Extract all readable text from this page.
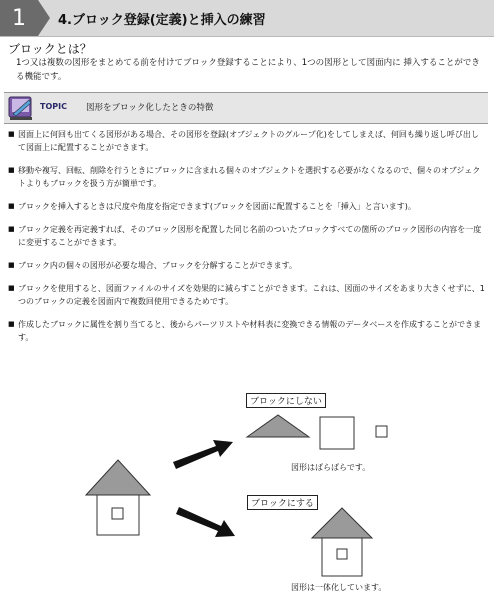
1	4.ブロック登録(定義)と挿入の練習
ブロックとは？
1つ又は複数の図形をまとめてる前を付けてブロック登録することにより、1つの図形として図面内に 挿入することができる機能です。
TOPIC 図形をブロック化したときの特徴
■ 図面上に何回も出てくる図形がある場合、その図形を登録(オブジェクトのグループ化)をしてしまえば、何回も繰り返し呼び出して図面上に配置することができます。
■ 移動や複写、回転、削除を行うときにブロックに含まれる個々のオブジェクトを選択する必要がなくなるので、個々のオブジェクトよりもブロックを扱う方が簡単です。
■ ブロックを挿入するときは尺度や角度を指定できます(ブロックを図面に配置することを「挿入」と言います)。
■ ブロック定義を再定義すれば、そのブロック図形を配置した同じ名前のついたブロックすべての箇所のブロック図形の内容を一度に変更することができます。
■ ブロック内の個々の図形が必要な場合、ブロックを分解することができます。
■ ブロックを使用すると、図面ファイルのサイズを効果的に減らすことができます。これは、図面のサイズをあまり大きくせずに、1つのブロックの定義を図面内で複数回使用できるためです。
■ 作成したブロックに属性を割り当てると、後からパーツリストや材料表に変換できる情報のデータベースを作成することができます。
ブロックにしない
図形はばらばらです。
ブロックにする
図形は一体化しています。
